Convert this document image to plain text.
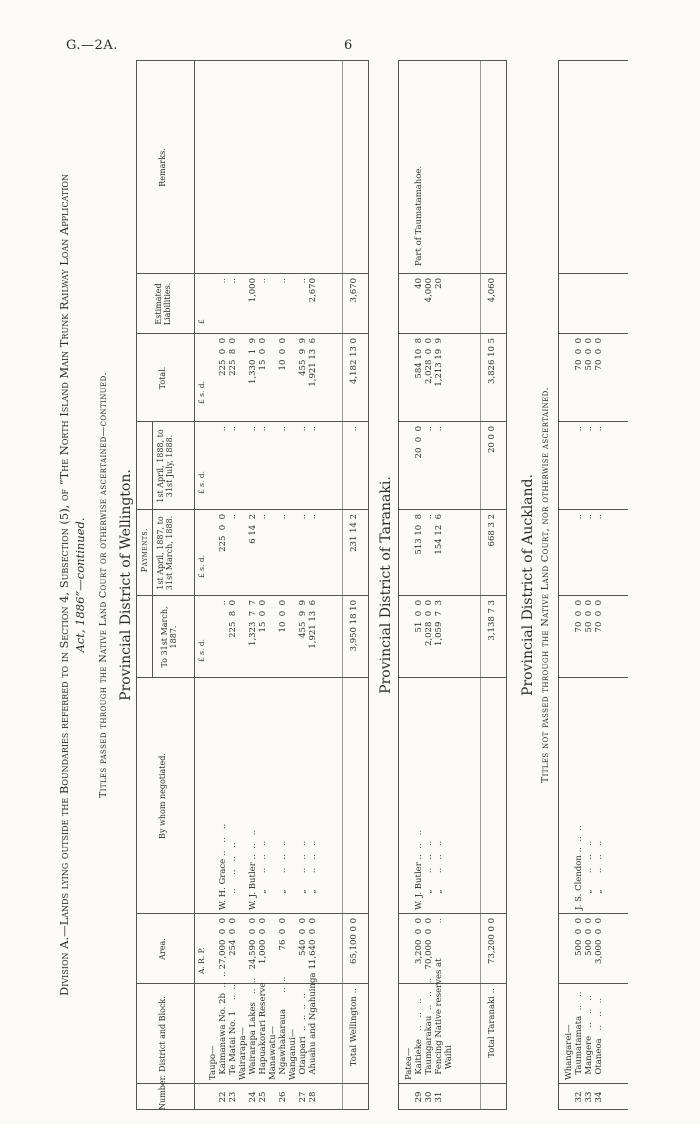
G.—2A.	6
Division A.—Lands lying outside the Boundaries referred to in Section 4, Subsection (5), of “The North Island Main Trunk Railway Loan Application Act, 1886”—continued. Titles passed through the Native Land Court or otherwise ascertained—continued. Provincial District of Wellington.
Number.
District and Block.
Area.
By whom negotiated.
Payments.
To 31st March, 1887.
1st April, 1887, to 31st March, 1888.
1st April, 1888, to 31st July, 1888.
Total.
Estimated Liabilities.
Remarks.
A. R. P.
£ s. d.
£ s. d.
£ s. d.
£ s. d.
£

22
23

24
25

26

27
28
Taupo—
Kaimanawa No. 2b  ..  ..
Te Matai No. 1    ..  ..
Wairarapa—
Wairarapa Lakes   ..  ..
Hapuakorari Reserve
Manawatu—
Ngawhakaraua      ..  ..
Wanganui—
Otaupari  ..  ..  ..  ..
Ahuahu and Ngahuinga  ..

27,000  0  0
254  0  0

24,590  0  0
1,000  0  0

76  0  0

540  0  0
11,640  0  0

W. H. Grace ..   ..   ..
..     ..   ..   ..

W. J. Butler ..  ..   ..
„      ..   ..   ..

„      ..   ..   ..

„      ..   ..   ..
„      ..   ..   ..

..
225  8  0

1,323  7  7
15  0  0

10  0  0

455  9  9
1,921 13  6

225  0  0
..

6 14  2
..

..

..
..

..
..

..
..

..

..
..

225  0  0
225  8  0

1,330  1  9
15  0  0

10  0  0

455  9  9
1,921 13  6

..
..

1,000
..

..

..
2,670
Total Wellington ..
65,100 0 0
3,950 18 10
231 14 2
..
4,182 13 0
3,670
Provincial District of Taranaki.

29
30
31
Patea—
Kaitieke   ..   ..   ..
Taumgarakau  ..   ..   ..
Fencing Native reserves at
Waihi

3,200  0  0
70,000  0  0
..

W. J. Butler ..  ..   ..
„      ..   ..   ..
„      ..   ..   ..

51  0  0
2,028  0  0
1,059  7  3

513 10  8
..
154 12  6

20  0  0
..
..

584 10  8
2,028  0  0
1,213 19  9

40
4,000
20

Part of Taumatamahoe.
Total Taranaki ..
73,200 0 0
3,138 7 3
668 3 2
20 0 0
3,826 10 5
4,060
Provincial District of Auckland. Titles not passed through the Native Land Court, nor otherwise ascertained.

32
33
34
Whangarei—
Taumatamata  ..   ..
Mangere   ..   ..   ..
Otaneoa   ..   ..   ..

500  0  0
500  0  0
3,000  0  0

J. S. Clendon ..  ..  ..
„      ..   ..   ..
„      ..   ..   ..

70  0  0
50  0  0
70  0  0

..
..
..

..
..
..

70  0  0
50  0  0
70  0  0
